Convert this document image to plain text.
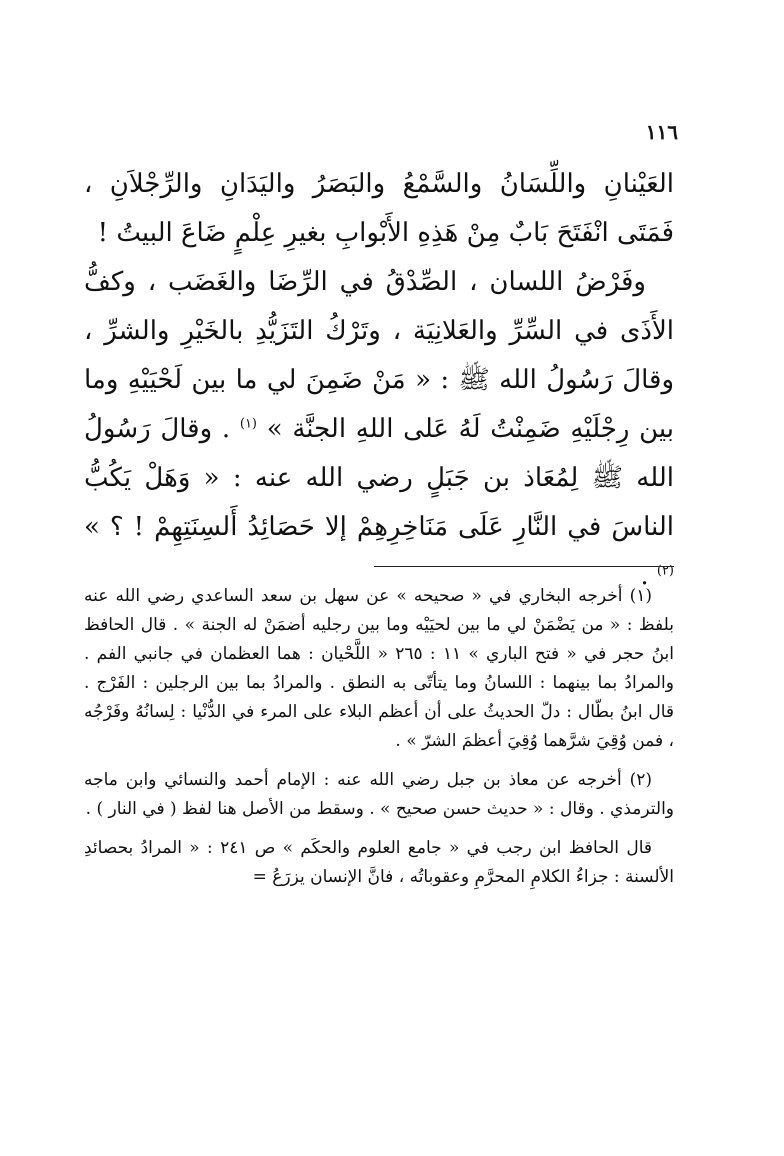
١١٦

العَيْنانِ واللِّسَانُ والسَّمْعُ والبَصَرُ واليَدَانِ والرِّجْلاَنِ ، فَمَتَى انْفَتَحَ بَابٌ مِنْ هَذِهِ الأَبْوابِ بغيرِ عِلْمٍ ضَاعَ البيتُ !

وفَرْضُ اللسان ، الصِّدْقُ في الرِّضَا والغَضَب ، وكفُّ الأَذَى في السِّرِّ والعَلانِيَة ، وتَرْكُ التَزَيُّدِ بالخَيْرِ والشرِّ ، وقالَ رَسُولُ الله ﷺ : « مَنْ ضَمِنَ لي ما بين لَحْيَيْهِ وما بين رِجْلَيْهِ ضَمِنْتُ لَهُ عَلى اللهِ الجنَّة » $^{(١)}$ . وقالَ رَسُولُ الله ﷺ لِمُعَاذ بن جَبَلٍ رضي الله عنه : « وَهَلْ يَكُبُّ الناسَ في النَّارِ عَلَى مَنَاخِرِهِمْ إلا حَصَائِدُ أَلسِنَتِهِمْ ! ؟ » $^{(٢)}$ .

(١) أخرجه البخاري في « صحيحه » عن سهل بن سعد الساعدي رضي الله عنه بلفظ : « من يَضْمَنْ لي ما بين لحيَيْه وما بين رجليه أضمَنْ له الجنة » . قال الحافظ ابنُ حجر في « فتح الباري » ١١ : ٢٦٥ « اللَّحْيان : هما العظمان في جانبي الفم . والمرادُ بما بينهما : اللسانُ وما يتأتّى به النطق . والمرادُ بما بين الرجلين : الفَرْج . قال ابنُ بطّال : دلّ الحديثُ على أن أعظم البلاء على المرء في الدُّنْيا : لِسانُهُ وفَرْجُه ، فمن وُقِيَ شرَّهما وُقِيَ أعظمَ الشرّ » .

(٢) أخرجه عن معاذ بن جبل رضي الله عنه : الإمام أحمد والنسائي وابن ماجه والترمذي . وقال : « حديث حسن صحيح » . وسقط من الأصل هنا لفظ ( في النار ) .

قال الحافظ ابن رجب في « جامع العلوم والحكَم » ص ٢٤١ : « المرادُ بحصائدِ الألسنة : جزاءُ الكلامِ المحرَّمِ وعقوباتُه ، فانَّ الإنسان يزرَعُ =
